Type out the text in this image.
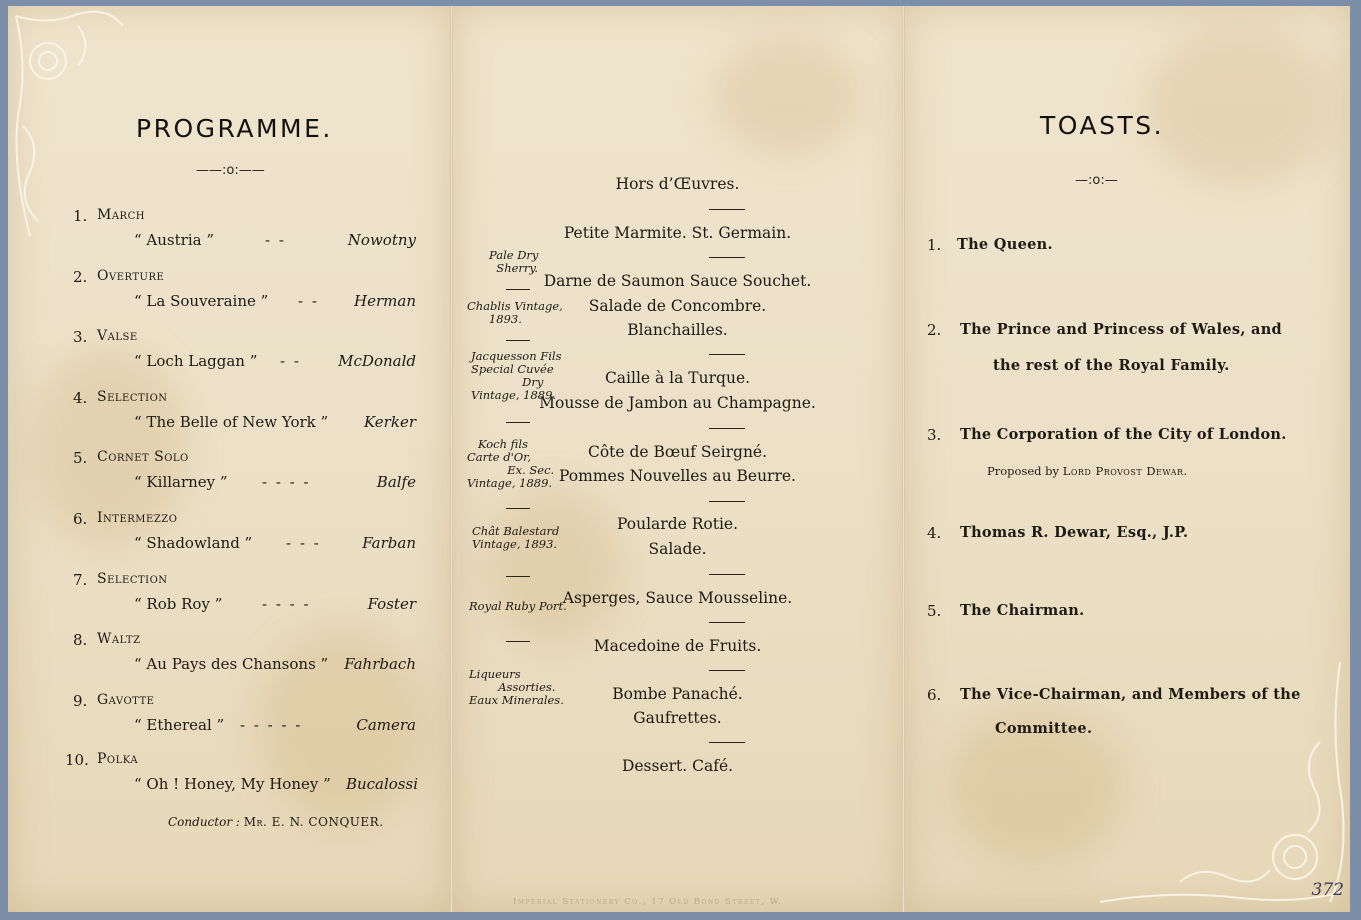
PROGRAMME.
——:o:——
1. March
“ Austria ”	- -	Nowotny
2. Overture
“ La Souveraine ” - - Herman
3. Valse
“ Loch Laggan ” - - McDonald
4. Selection
“ The Belle of New York ” Kerker
5. Cornet Solo
“ Killarney ” - - - -	Balfe
6. Intermezzo
“ Shadowland ” - - -	Farban
7. Selection
“ Rob Roy ”	- - - -	Foster
8. Waltz
“ Au Pays des Chansons ” Fahrbach
9. Gavotte
“ Ethereal ” - - - - -	Camera
10. Polka
“ Oh ! Honey, My Honey ” Bucalossi
Conductor : Mr. E. N. CONQUER.
Hors d’Œuvres.
Petite Marmite. St. Germain.
Darne de Saumon Sauce Souchet.
Salade de Concombre.
Blanchailles.
Caille à la Turque.
Mousse de Jambon au Champagne.
Côte de Bœuf Seirgné.
Pommes Nouvelles au Beurre.
Poularde Rotie.
Salade.
Asperges, Sauce Mousseline.
Macedoine de Fruits.
Bombe Panaché.
Gaufrettes.
Dessert. Café.
Pale Dry
Sherry.
Chablis Vintage,
1893.
Jacquesson Fils
Special Cuvée
Dry
Vintage, 1889.
Koch fils
Carte d'Or,
Ex. Sec.
Vintage, 1889.
Chât Balestard
Vintage, 1893.
Royal Ruby Port.
Liqueurs
Assorties.
Eaux Minerales.
Imperial Stationery Co., 17 Old Bond Street, W.
TOASTS.
—:o:—
1. The Queen.
2. The Prince and Princess of Wales, and
the rest of the Royal Family.
3. The Corporation of the City of London.
Proposed by Lord Provost Dewar.
4. Thomas R. Dewar, Esq., J.P.
5. The Chairman.
6. The Vice-Chairman, and Members of the
Committee.
372
